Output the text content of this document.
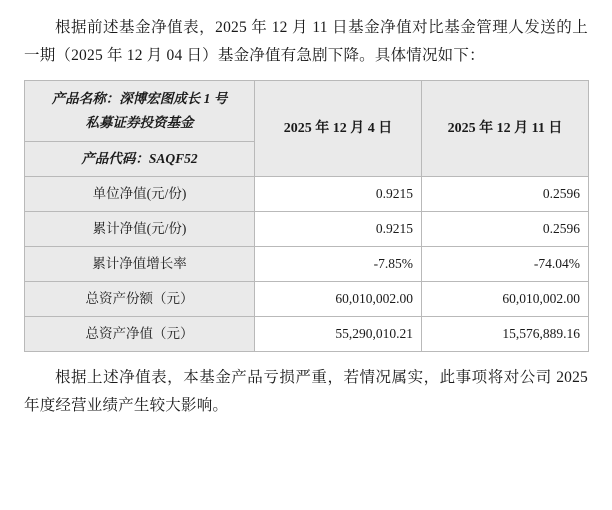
根据前述基金净值表，2025 年 12 月 11 日基金净值对比基金管理人发送的上一期（2025 年 12 月 04 日）基金净值有急剧下降。具体情况如下：

产品名称：深博宏图成长 1 号
私募证券投资基金	2025 年 12 月 4 日	2025 年 12 月 11 日
产品代码：SAQF52		
单位净值(元/份)	0.9215	0.2596
累计净值(元/份)	0.9215	0.2596
累计净值增长率	-7.85%	-74.04%
总资产份额（元）	60,010,002.00	60,010,002.00
总资产净值（元）	55,290,010.21	15,576,889.16

根据上述净值表，本基金产品亏损严重，若情况属实，此事项将对公司 2025 年度经营业绩产生较大影响。
